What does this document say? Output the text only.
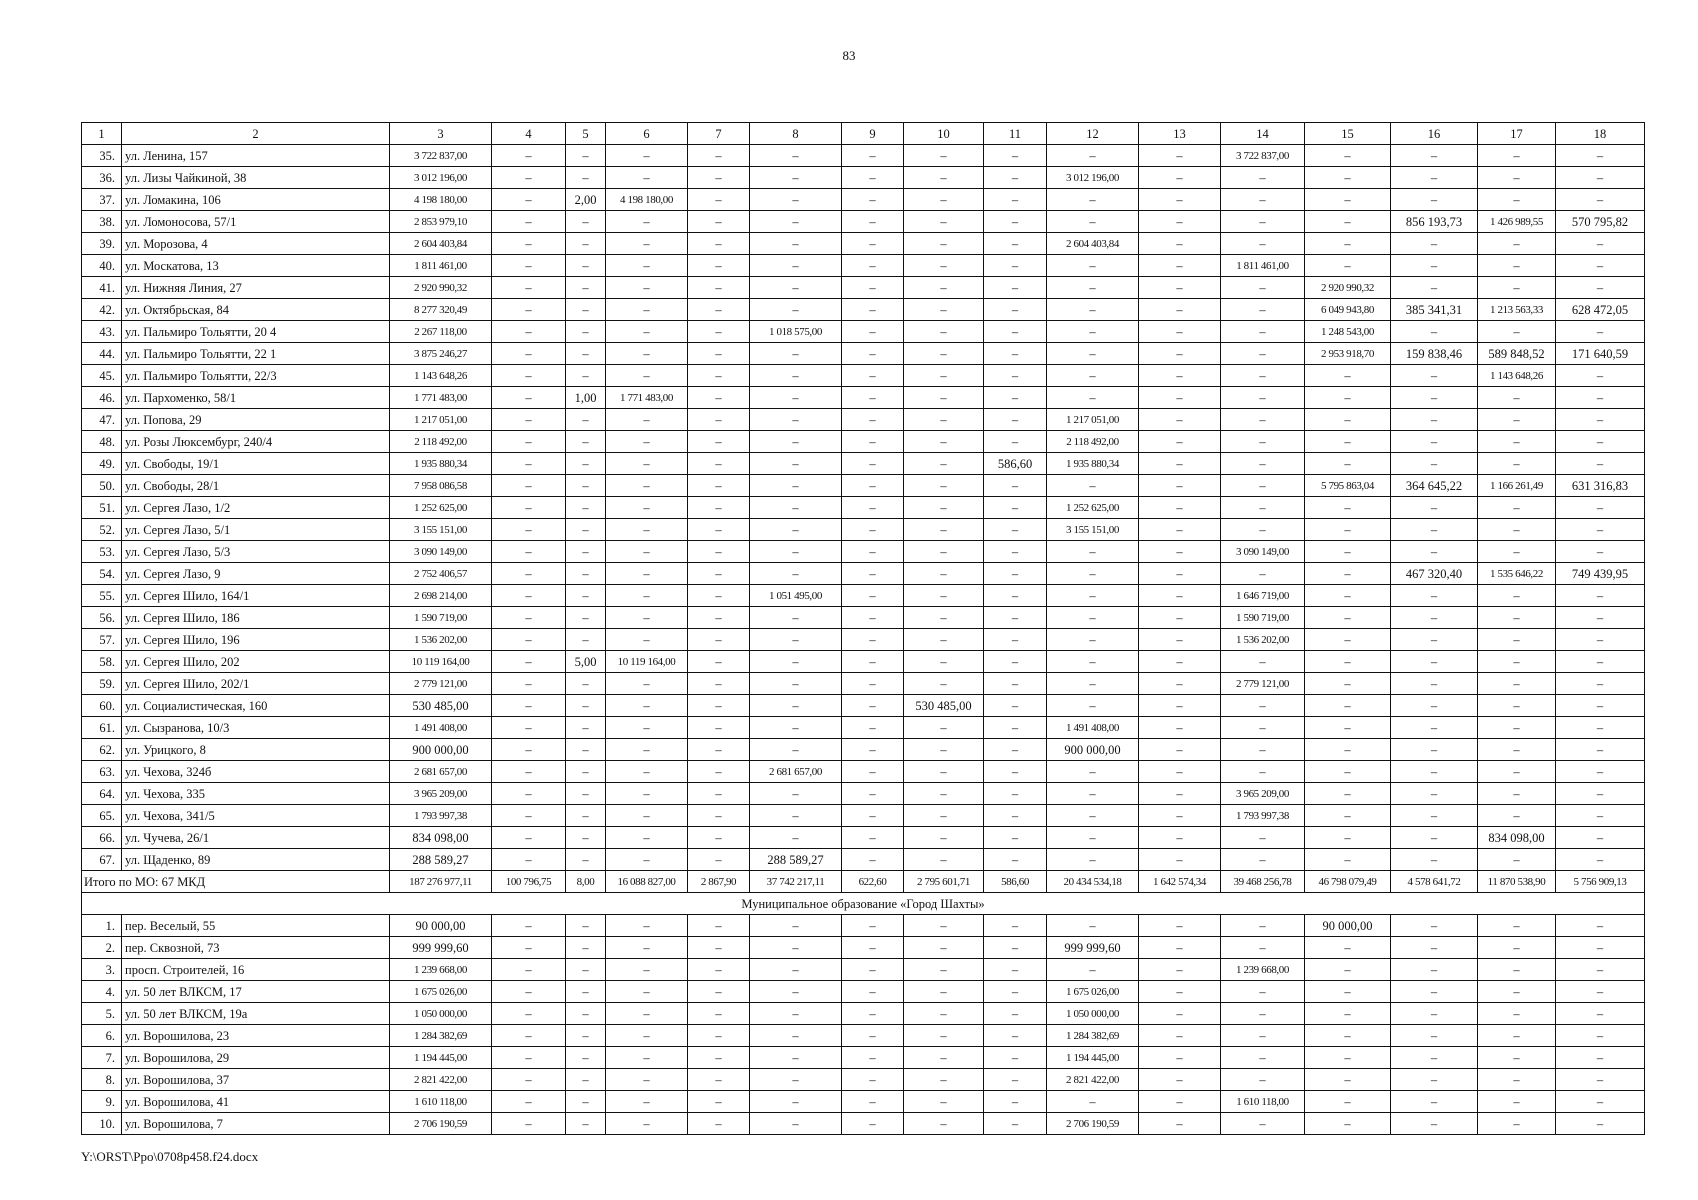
83
1	2	3	4	5	6	7	8	9	10	11	12	13	14	15	16	17	18
35.	ул. Ленина, 157	3 722 837,00	–	–	–	–	–	–	–	–	–	–	3 722 837,00	–	–	–	–
36.	ул. Лизы Чайкиной, 38	3 012 196,00	–	–	–	–	–	–	–	–	3 012 196,00	–	–	–	–	–	–
37.	ул. Ломакина, 106	4 198 180,00	–	2,00	4 198 180,00	–	–	–	–	–	–	–	–	–	–	–	–
38.	ул. Ломоносова, 57/1	2 853 979,10	–	–	–	–	–	–	–	–	–	–	–	–	856 193,73	1 426 989,55	570 795,82
39.	ул. Морозова, 4	2 604 403,84	–	–	–	–	–	–	–	–	2 604 403,84	–	–	–	–	–	–
40.	ул. Москатова, 13	1 811 461,00	–	–	–	–	–	–	–	–	–	–	1 811 461,00	–	–	–	–
41.	ул. Нижняя Линия, 27	2 920 990,32	–	–	–	–	–	–	–	–	–	–	–	2 920 990,32	–	–	–
42.	ул. Октябрьская, 84	8 277 320,49	–	–	–	–	–	–	–	–	–	–	–	6 049 943,80	385 341,31	1 213 563,33	628 472,05
43.	ул. Пальмиро Тольятти, 20 4	2 267 118,00	–	–	–	–	1 018 575,00	–	–	–	–	–	–	1 248 543,00	–	–	–
44.	ул. Пальмиро Тольятти, 22 1	3 875 246,27	–	–	–	–	–	–	–	–	–	–	–	2 953 918,70	159 838,46	589 848,52	171 640,59
45.	ул. Пальмиро Тольятти, 22/3	1 143 648,26	–	–	–	–	–	–	–	–	–	–	–	–	–	1 143 648,26	–
46.	ул. Пархоменко, 58/1	1 771 483,00	–	1,00	1 771 483,00	–	–	–	–	–	–	–	–	–	–	–	–
47.	ул. Попова, 29	1 217 051,00	–	–	–	–	–	–	–	–	1 217 051,00	–	–	–	–	–	–
48.	ул. Розы Люксембург, 240/4	2 118 492,00	–	–	–	–	–	–	–	–	2 118 492,00	–	–	–	–	–	–
49.	ул. Свободы, 19/1	1 935 880,34	–	–	–	–	–	–	–	586,60	1 935 880,34	–	–	–	–	–	–
50.	ул. Свободы, 28/1	7 958 086,58	–	–	–	–	–	–	–	–	–	–	–	5 795 863,04	364 645,22	1 166 261,49	631 316,83
51.	ул. Сергея Лазо, 1/2	1 252 625,00	–	–	–	–	–	–	–	–	1 252 625,00	–	–	–	–	–	–
52.	ул. Сергея Лазо, 5/1	3 155 151,00	–	–	–	–	–	–	–	–	3 155 151,00	–	–	–	–	–	–
53.	ул. Сергея Лазо, 5/3	3 090 149,00	–	–	–	–	–	–	–	–	–	–	3 090 149,00	–	–	–	–
54.	ул. Сергея Лазо, 9	2 752 406,57	–	–	–	–	–	–	–	–	–	–	–	–	467 320,40	1 535 646,22	749 439,95
55.	ул. Сергея Шило, 164/1	2 698 214,00	–	–	–	–	1 051 495,00	–	–	–	–	–	1 646 719,00	–	–	–	–
56.	ул. Сергея Шило, 186	1 590 719,00	–	–	–	–	–	–	–	–	–	–	1 590 719,00	–	–	–	–
57.	ул. Сергея Шило, 196	1 536 202,00	–	–	–	–	–	–	–	–	–	–	1 536 202,00	–	–	–	–
58.	ул. Сергея Шило, 202	10 119 164,00	–	5,00	10 119 164,00	–	–	–	–	–	–	–	–	–	–	–	–
59.	ул. Сергея Шило, 202/1	2 779 121,00	–	–	–	–	–	–	–	–	–	–	2 779 121,00	–	–	–	–
60.	ул. Социалистическая, 160	530 485,00	–	–	–	–	–	–	530 485,00	–	–	–	–	–	–	–	–
61.	ул. Сызранова, 10/3	1 491 408,00	–	–	–	–	–	–	–	–	1 491 408,00	–	–	–	–	–	–
62.	ул. Урицкого, 8	900 000,00	–	–	–	–	–	–	–	–	900 000,00	–	–	–	–	–	–
63.	ул. Чехова, 324б	2 681 657,00	–	–	–	–	2 681 657,00	–	–	–	–	–	–	–	–	–	–
64.	ул. Чехова, 335	3 965 209,00	–	–	–	–	–	–	–	–	–	–	3 965 209,00	–	–	–	–
65.	ул. Чехова, 341/5	1 793 997,38	–	–	–	–	–	–	–	–	–	–	1 793 997,38	–	–	–	–
66.	ул. Чучева, 26/1	834 098,00	–	–	–	–	–	–	–	–	–	–	–	–	–	834 098,00	–
67.	ул. Щаденко, 89	288 589,27	–	–	–	–	288 589,27	–	–	–	–	–	–	–	–	–	–
Итого по МО: 67 МКД		187 276 977,11	100 796,75	8,00	16 088 827,00	2 867,90	37 742 217,11	622,60	2 795 601,71	586,60	20 434 534,18	1 642 574,34	39 468 256,78	46 798 079,49	4 578 641,72	11 870 538,90	5 756 909,13
Муниципальное образование «Город Шахты»																	
1.	пер. Веселый, 55	90 000,00	–	–	–	–	–	–	–	–	–	–	–	90 000,00	–	–	–
2.	пер. Сквозной, 73	999 999,60	–	–	–	–	–	–	–	–	999 999,60	–	–	–	–	–	–
3.	просп. Строителей, 16	1 239 668,00	–	–	–	–	–	–	–	–	–	–	1 239 668,00	–	–	–	–
4.	ул. 50 лет ВЛКСМ, 17	1 675 026,00	–	–	–	–	–	–	–	–	1 675 026,00	–	–	–	–	–	–
5.	ул. 50 лет ВЛКСМ, 19а	1 050 000,00	–	–	–	–	–	–	–	–	1 050 000,00	–	–	–	–	–	–
6.	ул. Ворошилова, 23	1 284 382,69	–	–	–	–	–	–	–	–	1 284 382,69	–	–	–	–	–	–
7.	ул. Ворошилова, 29	1 194 445,00	–	–	–	–	–	–	–	–	1 194 445,00	–	–	–	–	–	–
8.	ул. Ворошилова, 37	2 821 422,00	–	–	–	–	–	–	–	–	2 821 422,00	–	–	–	–	–	–
9.	ул. Ворошилова, 41	1 610 118,00	–	–	–	–	–	–	–	–	–	–	1 610 118,00	–	–	–	–
10.	ул. Ворошилова, 7	2 706 190,59	–	–	–	–	–	–	–	–	2 706 190,59	–	–	–	–	–	–
Y:\ORST\Ppo\0708p458.f24.docx
